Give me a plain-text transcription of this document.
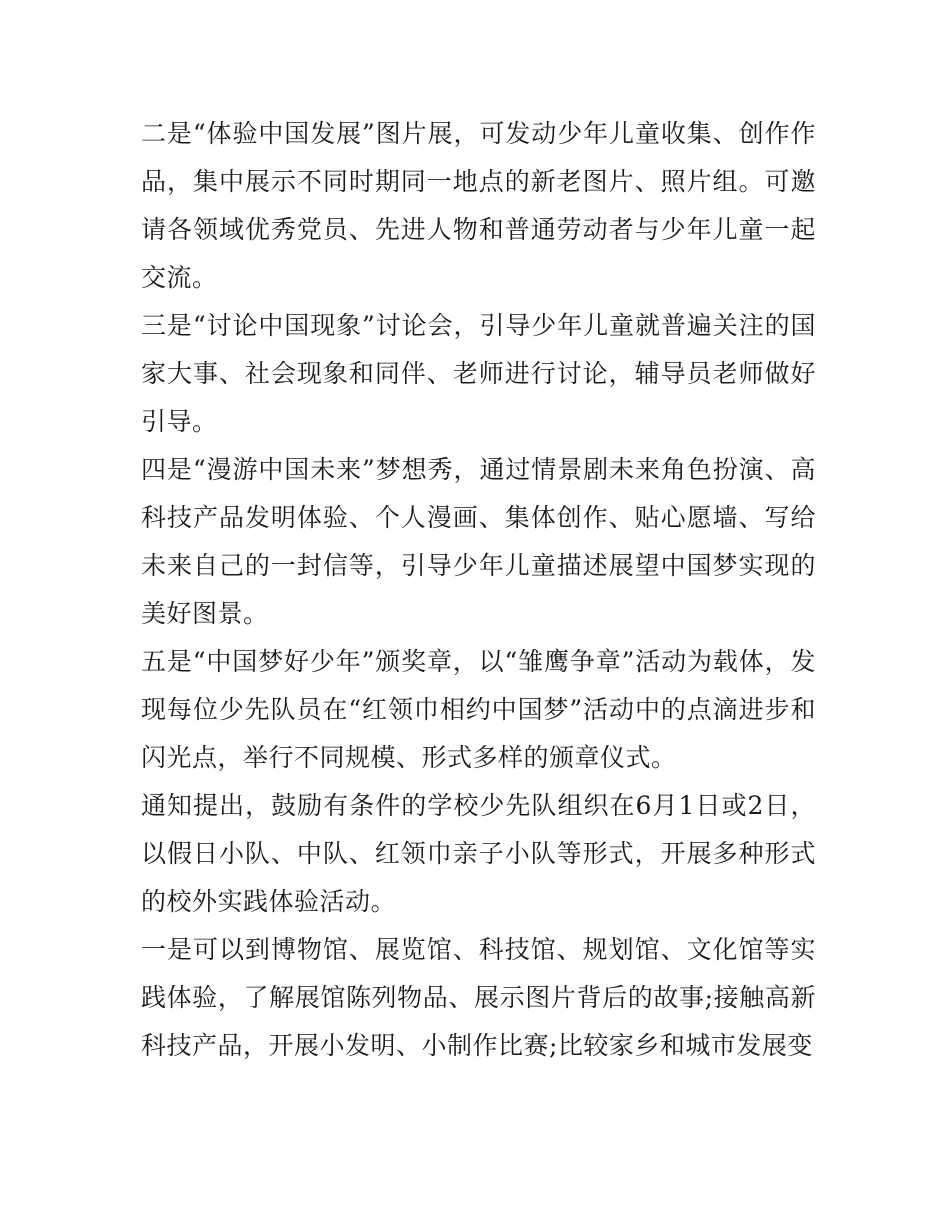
二是“体验中国发展”图片展，可发动少年儿童收集、创作作品，集中展示不同时期同一地点的新老图片、照片组。可邀请各领域优秀党员、先进人物和普通劳动者与少年儿童一起交流。

三是“讨论中国现象”讨论会，引导少年儿童就普遍关注的国家大事、社会现象和同伴、老师进行讨论，辅导员老师做好引导。

四是“漫游中国未来”梦想秀，通过情景剧未来角色扮演、高科技产品发明体验、个人漫画、集体创作、贴心愿墙、写给未来自己的一封信等，引导少年儿童描述展望中国梦实现的美好图景。

五是“中国梦好少年”颁奖章，以“雏鹰争章”活动为载体，发现每位少先队员在“红领巾相约中国梦”活动中的点滴进步和闪光点，举行不同规模、形式多样的颁章仪式。

通知提出，鼓励有条件的学校少先队组织在6月1日或2日，以假日小队、中队、红领巾亲子小队等形式，开展多种形式的校外实践体验活动。

一是可以到博物馆、展览馆、科技馆、规划馆、文化馆等实践体验，了解展馆陈列物品、展示图片背后的故事;接触高新科技产品，开展小发明、小制作比赛;比较家乡和城市发展变
